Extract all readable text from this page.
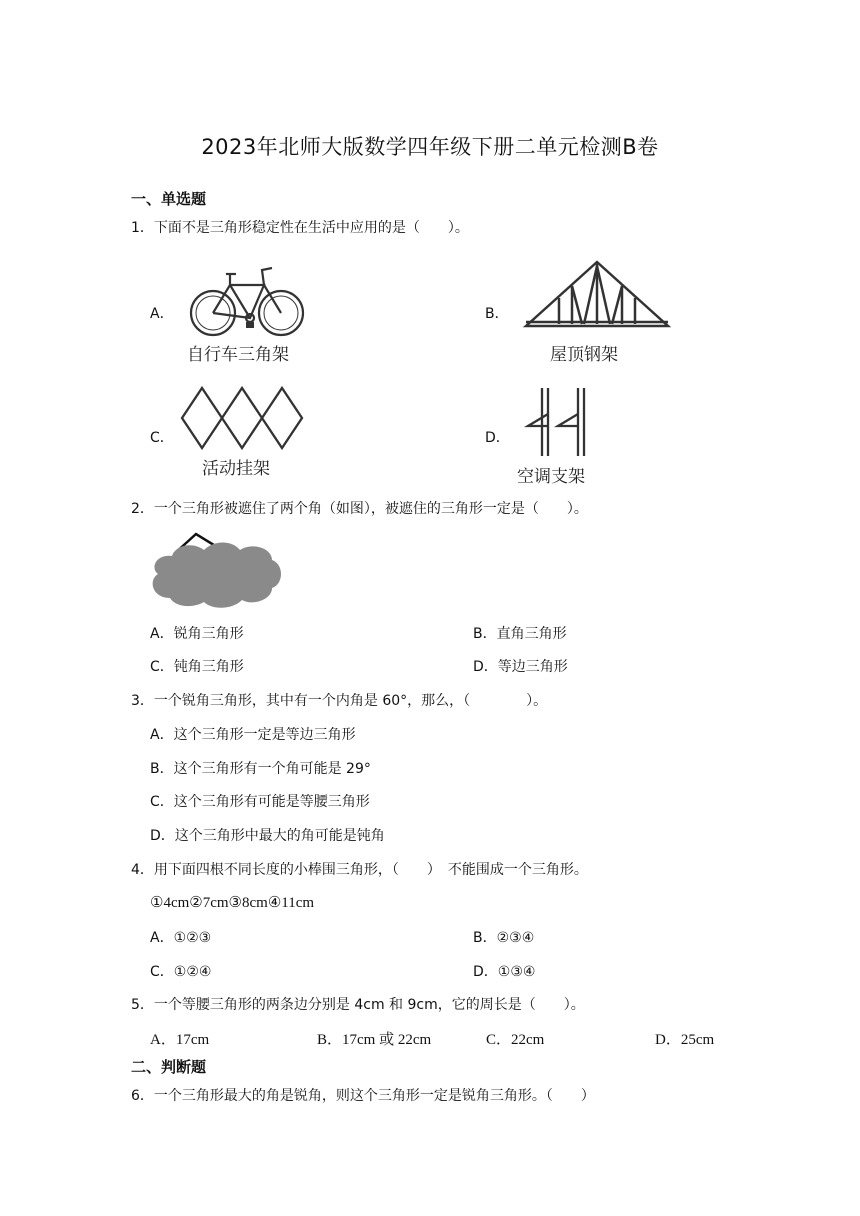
2023年北师大版数学四年级下册二单元检测B卷
一、单选题
1．下面不是三角形稳定性在生活中应用的是（　　）。
A．
自行车三角架
B．
屋顶钢架
C．
活动挂架
D．
空调支架
2．一个三角形被遮住了两个角（如图），被遮住的三角形一定是（　　）。
A．锐角三角形	B．直角三角形
C．钝角三角形	D．等边三角形
3．一个锐角三角形，其中有一个内角是 60°，那么，（　　　　）。
A．这个三角形一定是等边三角形
B．这个三角形有一个角可能是 29°
C．这个三角形有可能是等腰三角形
D．这个三角形中最大的角可能是钝角
4．用下面四根不同长度的小棒围三角形，（　　）　不能围成一个三角形。
①4cm②7cm③8cm④11cm
A．①②③	B．②③④
C．①②④	D．①③④
5．一个等腰三角形的两条边分别是 4cm 和 9cm，它的周长是（　　）。
A．17cm	B．17cm 或 22cm	C．22cm	D．25cm
二、判断题
6．一个三角形最大的角是锐角，则这个三角形一定是锐角三角形。（　　）
